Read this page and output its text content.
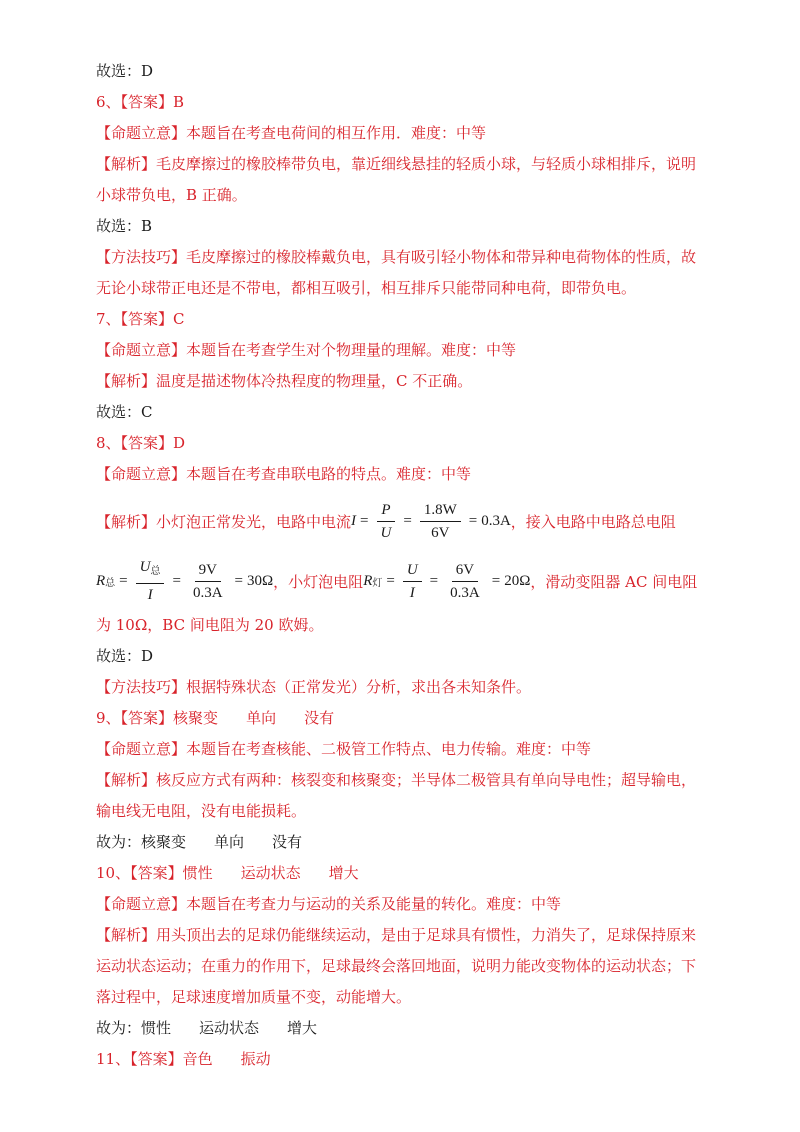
故选：D
6、【答案】B
【命题立意】本题旨在考查电荷间的相互作用．难度：中等
【解析】毛皮摩擦过的橡胶棒带负电，靠近细线悬挂的轻质小球，与轻质小球相排斥，说明
小球带负电，B 正确。
故选：B
【方法技巧】毛皮摩擦过的橡胶棒戴负电，具有吸引轻小物体和带异种电荷物体的性质，故
无论小球带正电还是不带电，都相互吸引，相互排斥只能带同种电荷，即带负电。
7、【答案】C
【命题立意】本题旨在考查学生对个物理量的理解。难度：中等
【解析】温度是描述物体冷热程度的物理量，C 不正确。
故选：C
8、【答案】D
【命题立意】本题旨在考查串联电路的特点。难度：中等
【解析】 小灯泡正常发光，电路中电流 $I = \frac{P}{U} = \frac{1.8W}{6V} = 0.3A$ ，接入电路中电路总电阻
R 总 = $\frac{U_总}{I} = \frac{9V}{0.3A} = 30\Omega$ ，小灯泡电阻 R 灯 = $\frac{U}{I} = \frac{6V}{0.3A} = 20\Omega$ ，滑动变阻器 AC 间电阻
为 10Ω，BC 间电阻为 20 欧姆。
故选：D
【方法技巧】根据特殊状态（正常发光）分析，求出各未知条件。
9、【答案】核聚变 单向 没有
【命题立意】本题旨在考查核能、二极管工作特点、电力传输。难度：中等
【解析】核反应方式有两种：核裂变和核聚变；半导体二极管具有单向导电性；超导输电，
输电线无电阻，没有电能损耗。
故为：核聚变 单向 没有
10、【答案】惯性 运动状态 增大
【命题立意】本题旨在考查力与运动的关系及能量的转化。难度：中等
【解析】用头顶出去的足球仍能继续运动，是由于足球具有惯性，力消失了，足球保持原来
运动状态运动；在重力的作用下，足球最终会落回地面，说明力能改变物体的运动状态；下
落过程中，足球速度增加质量不变，动能增大。
故为：惯性 运动状态 增大
11、【答案】音色 振动
